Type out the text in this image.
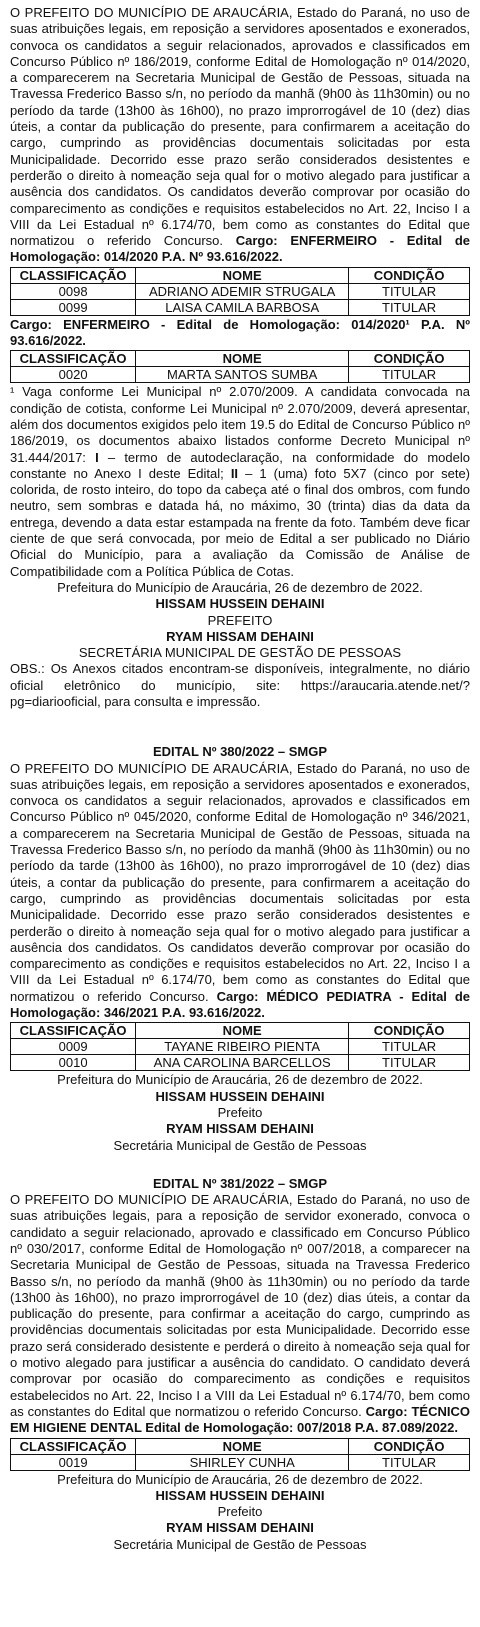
O PREFEITO DO MUNICÍPIO DE ARAUCÁRIA, Estado do Paraná, no uso de suas atribuições legais, em reposição a servidores aposentados e exonerados, convoca os candidatos a seguir relacionados, aprovados e classificados em Concurso Público nº 186/2019, conforme Edital de Homologação nº 014/2020, a comparecerem na Secretaria Municipal de Gestão de Pessoas, situada na Travessa Frederico Basso s/n, no período da manhã (9h00 às 11h30min) ou no período da tarde (13h00 às 16h00), no prazo improrrogável de 10 (dez) dias úteis, a contar da publicação do presente, para confirmarem a aceitação do cargo, cumprindo as providências documentais solicitadas por esta Municipalidade. Decorrido esse prazo serão considerados desistentes e perderão o direito à nomeação seja qual for o motivo alegado para justificar a ausência dos candidatos. Os candidatos deverão comprovar por ocasião do comparecimento as condições e requisitos estabelecidos no Art. 22, Inciso I a VIII da Lei Estadual nº 6.174/70, bem como as constantes do Edital que normatizou o referido Concurso. Cargo: ENFERMEIRO - Edital de Homologação: 014/2020 P.A. Nº 93.616/2022.

CLASSIFICAÇÃO	NOME	CONDIÇÃO
0098	ADRIANO ADEMIR STRUGALA	TITULAR
0099	LAISA CAMILA BARBOSA	TITULAR

Cargo: ENFERMEIRO - Edital de Homologação: 014/2020¹ P.A. Nº 93.616/2022.

CLASSIFICAÇÃO	NOME	CONDIÇÃO
0020	MARTA SANTOS SUMBA	TITULAR

¹ Vaga conforme Lei Municipal nº 2.070/2009. A candidata convocada na condição de cotista, conforme Lei Municipal nº 2.070/2009, deverá apresentar, além dos documentos exigidos pelo item 19.5 do Edital de Concurso Público nº 186/2019, os documentos abaixo listados conforme Decreto Municipal nº 31.444/2017: I – termo de autodeclaração, na conformidade do modelo constante no Anexo I deste Edital; II – 1 (uma) foto 5X7 (cinco por sete) colorida, de rosto inteiro, do topo da cabeça até o final dos ombros, com fundo neutro, sem sombras e datada há, no máximo, 30 (trinta) dias da data da entrega, devendo a data estar estampada na frente da foto. Também deve ficar ciente de que será convocada, por meio de Edital a ser publicado no Diário Oficial do Município, para a avaliação da Comissão de Análise de Compatibilidade com a Política Pública de Cotas.

Prefeitura do Município de Araucária, 26 de dezembro de 2022.
HISSAM HUSSEIN DEHAINI
PREFEITO
RYAM HISSAM DEHAINI
SECRETÁRIA MUNICIPAL DE GESTÃO DE PESSOAS

OBS.: Os Anexos citados encontram-se disponíveis, integralmente, no diário oficial eletrônico do município, site: https://araucaria.atende.net/?pg=diariooficial, para consulta e impressão.

EDITAL Nº 380/2022 – SMGP

O PREFEITO DO MUNICÍPIO DE ARAUCÁRIA, Estado do Paraná, no uso de suas atribuições legais, em reposição a servidores aposentados e exonerados, convoca os candidatos a seguir relacionados, aprovados e classificados em Concurso Público nº 045/2020, conforme Edital de Homologação nº 346/2021, a comparecerem na Secretaria Municipal de Gestão de Pessoas, situada na Travessa Frederico Basso s/n, no período da manhã (9h00 às 11h30min) ou no período da tarde (13h00 às 16h00), no prazo improrrogável de 10 (dez) dias úteis, a contar da publicação do presente, para confirmarem a aceitação do cargo, cumprindo as providências documentais solicitadas por esta Municipalidade. Decorrido esse prazo serão considerados desistentes e perderão o direito à nomeação seja qual for o motivo alegado para justificar a ausência dos candidatos. Os candidatos deverão comprovar por ocasião do comparecimento as condições e requisitos estabelecidos no Art. 22, Inciso I a VIII da Lei Estadual nº 6.174/70, bem como as constantes do Edital que normatizou o referido Concurso. Cargo: MÉDICO PEDIATRA - Edital de Homologação: 346/2021 P.A. 93.616/2022.

CLASSIFICAÇÃO	NOME	CONDIÇÃO
0009	TAYANE RIBEIRO PIENTA	TITULAR
0010	ANA CAROLINA BARCELLOS	TITULAR
Prefeitura do Município de Araucária, 26 de dezembro de 2022.
HISSAM HUSSEIN DEHAINI
Prefeito
RYAM HISSAM DEHAINI
Secretária Municipal de Gestão de Pessoas
EDITAL Nº 381/2022 – SMGP

O PREFEITO DO MUNICÍPIO DE ARAUCÁRIA, Estado do Paraná, no uso de suas atribuições legais, para a reposição de servidor exonerado, convoca o candidato a seguir relacionado, aprovado e classificado em Concurso Público nº 030/2017, conforme Edital de Homologação nº 007/2018, a comparecer na Secretaria Municipal de Gestão de Pessoas, situada na Travessa Frederico Basso s/n, no período da manhã (9h00 às 11h30min) ou no período da tarde (13h00 às 16h00), no prazo improrrogável de 10 (dez) dias úteis, a contar da publicação do presente, para confirmar a aceitação do cargo, cumprindo as providências documentais solicitadas por esta Municipalidade. Decorrido esse prazo será considerado desistente e perderá o direito à nomeação seja qual for o motivo alegado para justificar a ausência do candidato. O candidato deverá comprovar por ocasião do comparecimento as condições e requisitos estabelecidos no Art. 22, Inciso I a VIII da Lei Estadual nº 6.174/70, bem como as constantes do Edital que normatizou o referido Concurso. Cargo: TÉCNICO EM HIGIENE DENTAL Edital de Homologação: 007/2018 P.A. 87.089/2022.

CLASSIFICAÇÃO	NOME	CONDIÇÃO
0019	SHIRLEY CUNHA	TITULAR
Prefeitura do Município de Araucária, 26 de dezembro de 2022.
HISSAM HUSSEIN DEHAINI
Prefeito
RYAM HISSAM DEHAINI
Secretária Municipal de Gestão de Pessoas
